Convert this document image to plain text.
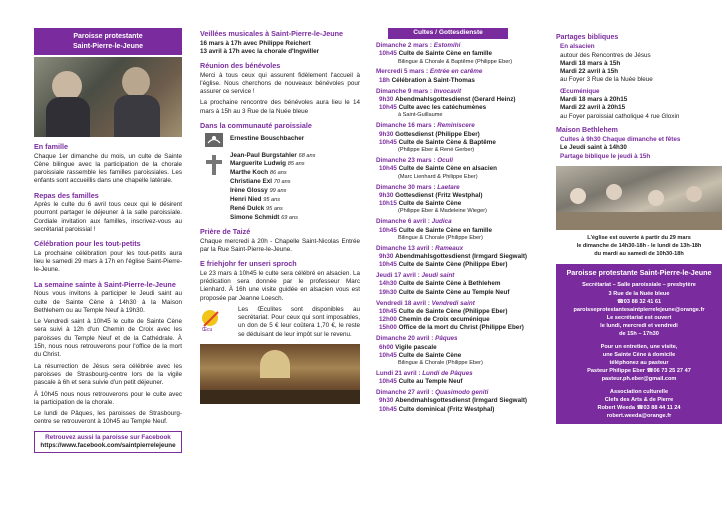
Paroisse protestante
Saint-Pierre-le-Jeune
En famille

Chaque 1er dimanche du mois, un culte de Sainte Cène bilingue avec la participation de la chorale paroissiale rassemble les familles paroissiales. Les enfants sont accueillis dans une chapelle latérale.

Repas des familles

Après le culte du 6 avril tous ceux qui le désirent pourront partager le déjeuner à la salle paroissiale. Cordiale invitation aux familles, inscrivez-vous au secrétariat paroissial !

Célébration pour les tout-petits

La prochaine célébration pour les tout-petits aura lieu le samedi 29 mars à 17h en l'église Saint-Pierre-le-Jeune.

La semaine sainte à Saint-Pierre-le-Jeune

Nous vous invitons à participer le Jeudi saint au culte de Sainte Cène à 14h30 à la Maison Bethlehem ou au Temple Neuf à 19h30.

Le Vendredi saint à 10h45 le culte de Sainte Cène sera suivi à 12h d'un Chemin de Croix avec les paroisses du Temple Neuf et de la Cathédrale. À 15h, nous nous retrouverons pour l'office de la mort du Christ.

La résurrection de Jésus sera célébrée avec les paroisses de Strasbourg-centre lors de la vigile pascale à 6h et sera suivie d'un petit déjeuner.

À 10h45 nous nous retrouverons pour le culte avec la participation de la chorale.

Le lundi de Pâques, les paroisses de Strasbourg-centre se retrouveront à 10h45 au Temple Neuf.

Retrouvez aussi la paroisse sur Facebook
https://www.facebook.com/saintpierrelejeune
Veillées musicales à Saint-Pierre-le-Jeune
16 mars à 17h avec Philippe Reichert
13 avril à 17h avec la chorale d'Ingwiller
Réunion des bénévoles

Merci à tous ceux qui assurent fidèlement l'accueil à l'église. Nous cherchons de nouveaux bénévoles pour assurer ce service !

La prochaine rencontre des bénévoles aura lieu le 14 mars à 15h au 3 Rue de la Nuée bleue

Dans la communauté paroissiale
Ernestine Bouschbacher
Jean-Paul Burgstahler 68 ans
Marguerite Ludwig 85 ans
Marthe Koch 86 ans
Christiane Exl 70 ans
Irène Glossy 99 ans
Henri Nied 95 ans
René Dulck 95 ans
Simone Schmidt 69 ans
Prière de Taizé

Chaque mercredi à 20h - Chapelle Saint-Nicolas Entrée par la Rue Saint-Pierre-le-Jeune.

E friehjohr fer unseri sproch

Le 23 mars à 10h45 le culte sera célébré en alsacien. La prédication sera donnée par le professeur Marc Lienhard. À 16h une visite guidée en alsacien vous est proposée par Jeanne Loesch.

Œcu

Les Œculites sont disponibles au secrétariat. Pour ceux qui sont imposables, un don de 5 € leur coûtera 1,70 €, le reste se déduisant de leur impôt sur le revenu.

Cultes / Gottesdienste
Dimanche 2 mars : Estomihi
10h45 Culte de Sainte Cène en famille
Bilingue & Chorale & Baptême (Philippe Eber)
Mercredi 5 mars : Entrée en carême
18h Célébration à Saint-Thomas
Dimanche 9 mars : Invocavit
9h30 Abendmahlsgottesdienst (Gerard Heinz)
10h45 Culte avec les catéchumènes
à Saint-Guillaume
Dimanche 16 mars : Reminiscere
9h30 Gottesdienst (Philippe Eber)
10h45 Culte de Sainte Cène & Baptême
(Philippe Eber & René Gerber)
Dimanche 23 mars : Oculi
10h45 Culte de Sainte Cène en alsacien
(Marc Lienhard & Philippe Eber)
Dimanche 30 mars : Laetare
9h30 Gottesdienst (Fritz Westphal)
10h15 Culte de Sainte Cène
(Philippe Eber & Madeleine Wieger)
Dimanche 6 avril : Judica
10h45 Culte de Sainte Cène en famille
Bilingue & Chorale (Philippe Eber)
Dimanche 13 avril : Rameaux
9h30 Abendmahlsgottesdienst (Irmgard Siegwalt)
10h45 Culte de Sainte Cène (Philippe Eber)
Jeudi 17 avril : Jeudi saint
14h30 Culte de Sainte Cène à Bethlehem
19h30 Culte de Sainte Cène au Temple Neuf
Vendredi 18 avril : Vendredi saint
10h45 Culte de Sainte Cène (Philippe Eber)
12h00 Chemin de Croix œcuménique
15h00 Office de la mort du Christ (Philippe Eber)
Dimanche 20 avril : Pâques
6h00 Vigile pascale
10h45 Culte de Sainte Cène
Bilingue & Chorale (Philippe Eber)
Lundi 21 avril : Lundi de Pâques
10h45 Culte au Temple Neuf
Dimanche 27 avril : Quasimodo geniti
9h30 Abendmahlsgottesdienst (Irmgard Siegwalt)
10h45 Culte dominical (Fritz Westphal)
Partages bibliques
En alsacien
autour des Rencontres de Jésus
Mardi 18 mars à 15h
Mardi 22 avril à 15h
au Foyer 3 Rue de la Nuée bleue
Œcuménique
Mardi 18 mars à 20h15
Mardi 22 avril à 20h15
au Foyer paroissial catholique 4 rue Gloxin
Maison Bethlehem
Cultes à 9h30 Chaque dimanche et fêtes
Le Jeudi saint à 14h30
Partage biblique le jeudi à 15h
L'église est ouverte à partir du 29 mars
le dimanche de 14h30-18h - le lundi de 13h-18h
du mardi au samedi de 10h30-18h
Paroisse protestante Saint-Pierre-le-Jeune
Secrétariat – Salle paroissiale – presbytère
3 Rue de la Nuée bleue
☎03 88 32 41 61
paroisseprotestantesaintpierrelejeune@orange.fr
Le secrétariat est ouvert
le lundi, mercredi et vendredi
de 15h – 17h30
Pour un entretien, une visite,
une Sainte Cène à domicile
téléphonez au pasteur
Pasteur Philippe Eber ☎06 73 25 27 47
pasteur.ph.eber@gmail.com
Association culturelle
Clefs des Arts & de Pierre
Robert Weeda ☎03 88 44 11 24
robert.weeda@orange.fr
